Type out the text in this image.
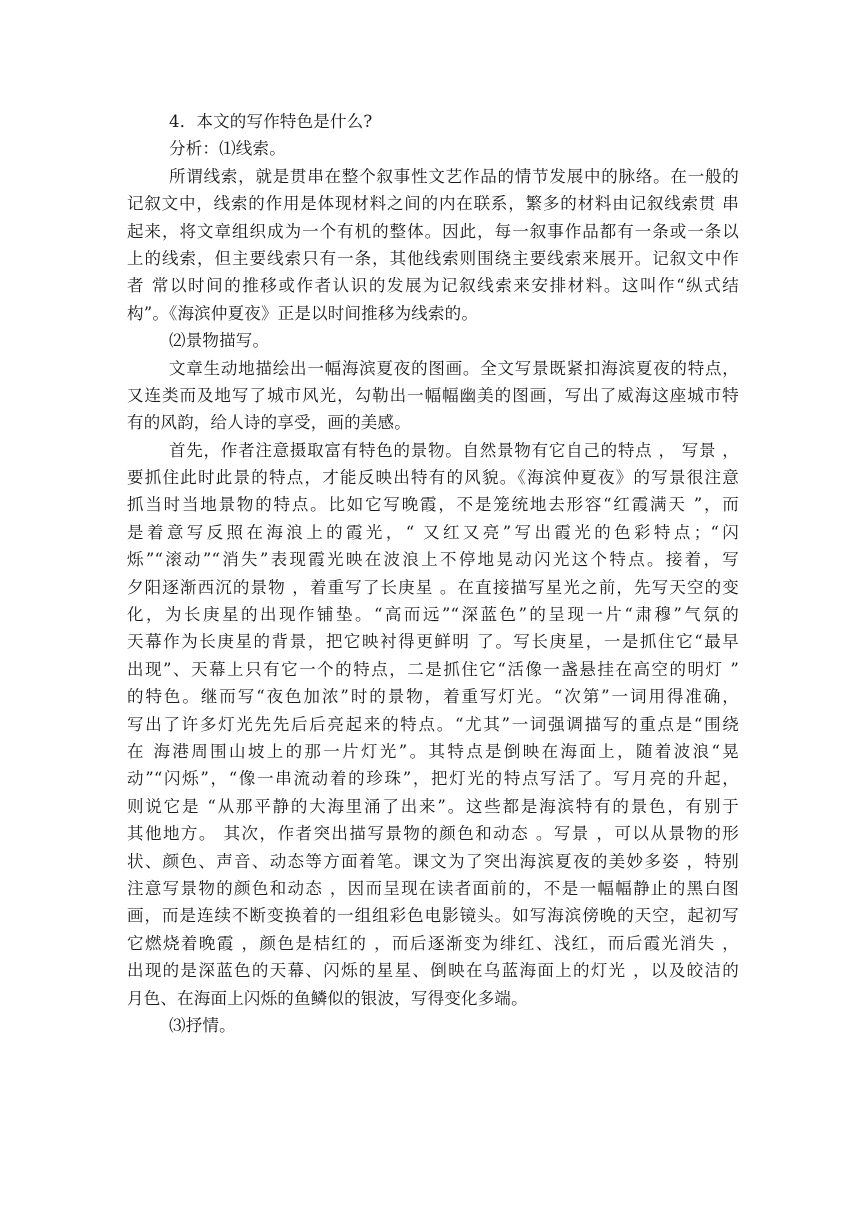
4．本文的写作特色是什么?
分析：⑴线索。
所谓线索，就是贯串在整个叙事性文艺作品的情节发展中的脉络。在一般的
记叙文中，线索的作用是体现材料之间的内在联系，繁多的材料由记叙线索贯 串
起来，将文章组织成为一个有机的整体。因此，每一叙事作品都有一条或一条以
上的线索，但主要线索只有一条，其他线索则围绕主要线索来展开。记叙文中作
者 常以时间的推移或作者认识的发展为记叙线索来安排材料。这叫作“纵式结
构”。《海滨仲夏夜》正是以时间推移为线索的。
⑵景物描写。
文章生动地描绘出一幅海滨夏夜的图画。全文写景既紧扣海滨夏夜的特点，
又连类而及地写了城市风光，勾勒出一幅幅幽美的图画，写出了威海这座城市特
有的风韵，给人诗的享受，画的美感。
首先，作者注意摄取富有特色的景物。自然景物有它自己的特点 ， 写景 ，
要抓住此时此景的特点，才能反映出特有的风貌。《海滨仲夏夜》的写景很注意
抓当时当地景物的特点。比如它写晚霞，不是笼统地去形容“红霞满天 ”，而
是着意写反照在海浪上的霞光，“ 又红又亮”写出霞光的色彩特点；“闪
烁”“滚动”“消失”表现霞光映在波浪上不停地晃动闪光这个特点。接着，写
夕阳逐渐西沉的景物 ，着重写了长庚星 。在直接描写星光之前，先写天空的变
化，为长庚星的出现作铺垫。“高而远”“深蓝色”的呈现一片“肃穆”气氛的
天幕作为长庚星的背景，把它映衬得更鲜明 了。写长庚星，一是抓住它“最早
出现”、天幕上只有它一个的特点，二是抓住它“活像一盏悬挂在高空的明灯 ”
的特色。继而写“夜色加浓”时的景物，着重写灯光。“次第”一词用得准确，
写出了许多灯光先先后后亮起来的特点。“尤其”一词强调描写的重点是“围绕
在 海港周围山坡上的那一片灯光”。其特点是倒映在海面上，随着波浪“晃
动”“闪烁”，“像一串流动着的珍珠”，把灯光的特点写活了。写月亮的升起，
则说它是 “从那平静的大海里涌了出来”。这些都是海滨特有的景色，有别于
其他地方。 其次，作者突出描写景物的颜色和动态 。写景 ，可以从景物的形
状、颜色、声音、动态等方面着笔。课文为了突出海滨夏夜的美妙多姿 ，特别
注意写景物的颜色和动态 ，因而呈现在读者面前的，不是一幅幅静止的黑白图
画，而是连续不断变换着的一组组彩色电影镜头。如写海滨傍晚的天空，起初写
它燃烧着晚霞 ，颜色是桔红的 ，而后逐渐变为绯红、浅红，而后霞光消失 ，
出现的是深蓝色的天幕、闪烁的星星、倒映在乌蓝海面上的灯光 ，以及皎洁的
月色、在海面上闪烁的鱼鳞似的银波，写得变化多端。
⑶抒情。
